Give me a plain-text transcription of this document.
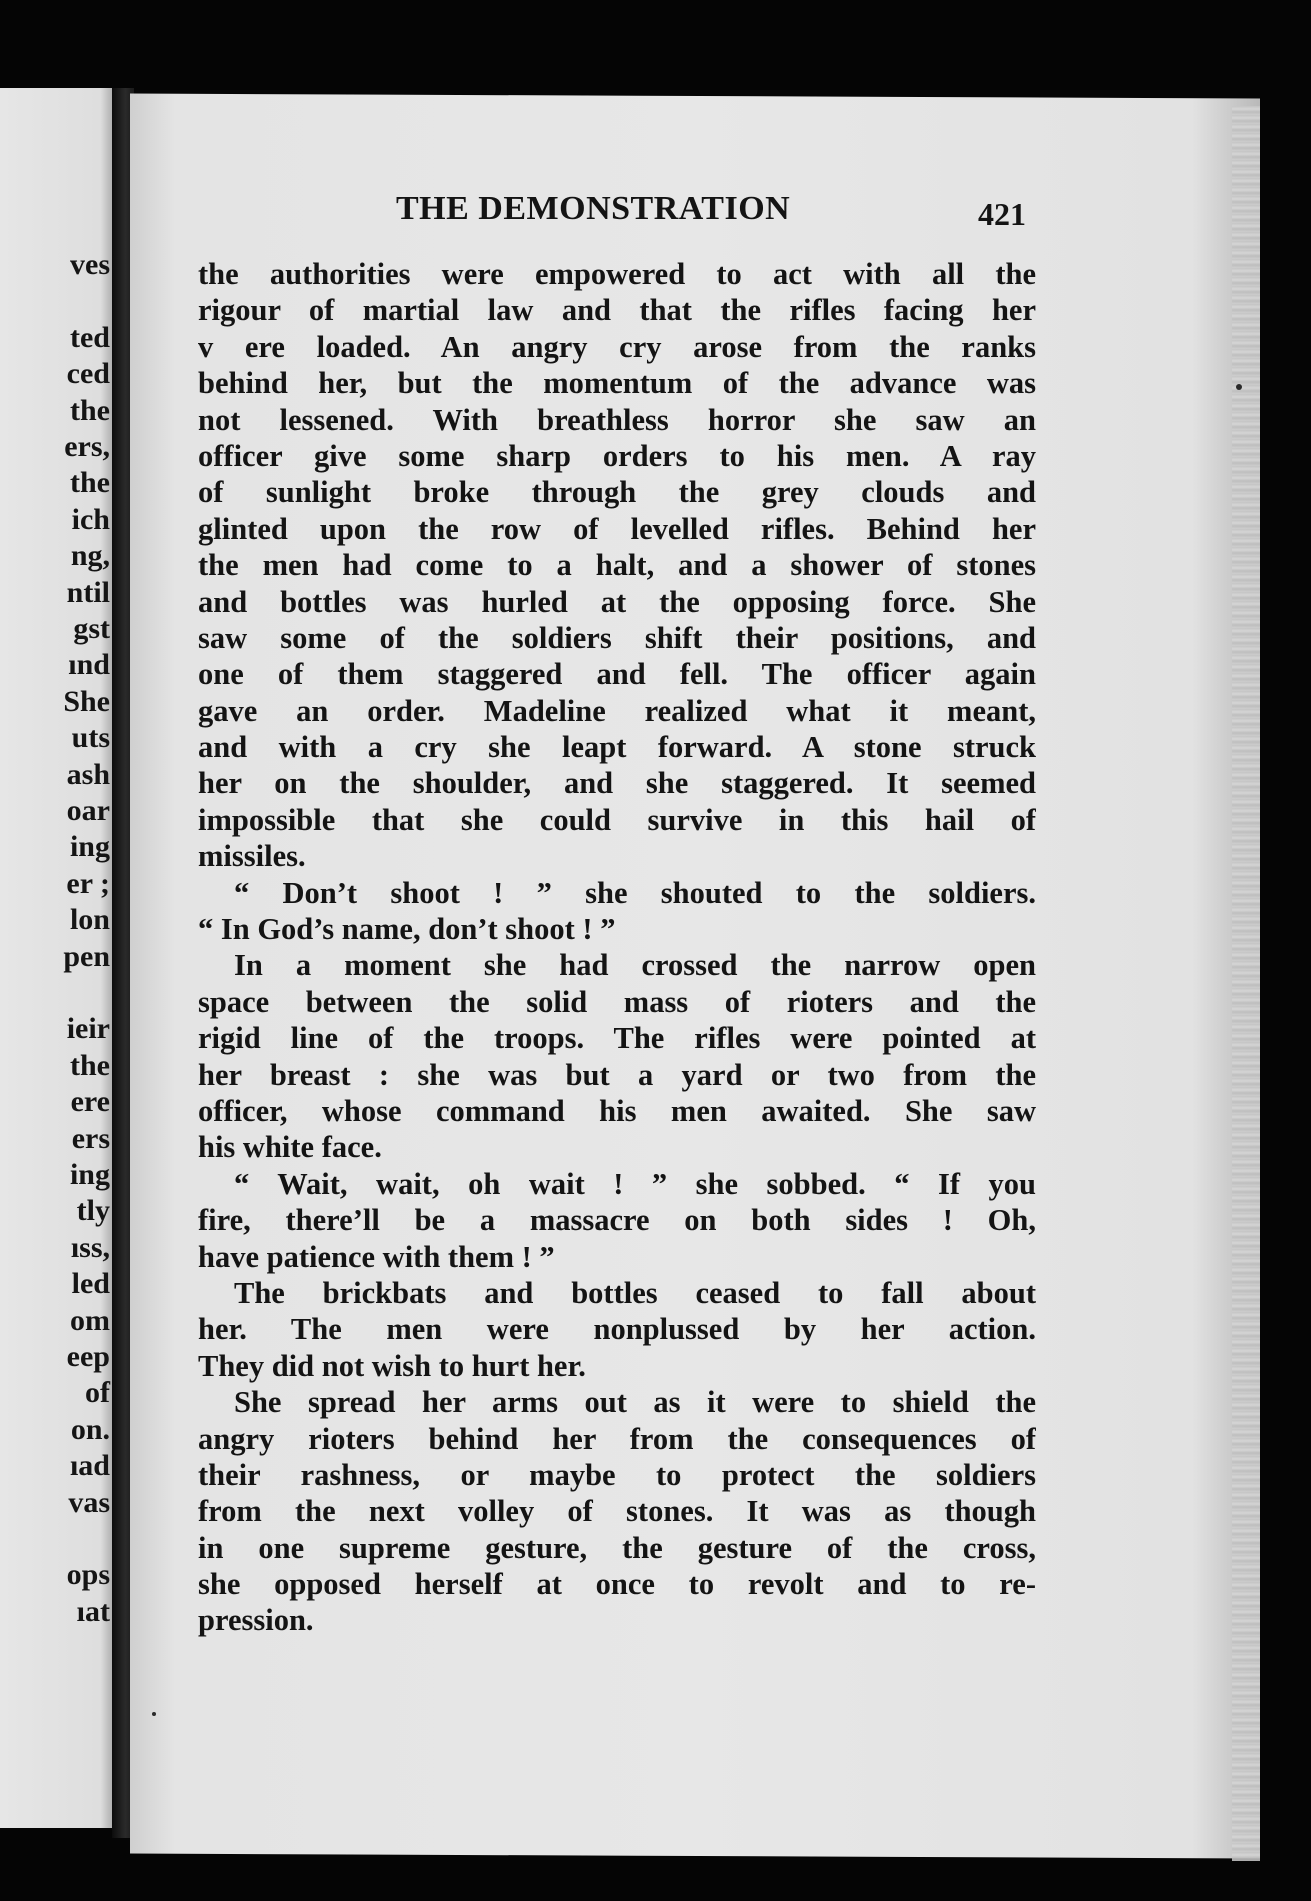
ves
ted
ced
the
ers,
the
ich
ng,
ntil
gst
ınd
She
uts
ash
oar
ing
er ;
lon
pen
ieir
the
ere
ers
ing
tly
ıss,
led
om
eep
of
on.
ıad
vas
ops
ıat
THE DEMONSTRATION	421
the authorities were empowered to act with all the
rigour of martial law and that the rifles facing her
v ere loaded. An angry cry arose from the ranks
behind her, but the momentum of the advance was
not lessened. With breathless horror she saw an
officer give some sharp orders to his men. A ray
of sunlight broke through the grey clouds and
glinted upon the row of levelled rifles. Behind her
the men had come to a halt, and a shower of stones
and bottles was hurled at the opposing force. She
saw some of the soldiers shift their positions, and
one of them staggered and fell. The officer again
gave an order. Madeline realized what it meant,
and with a cry she leapt forward. A stone struck
her on the shoulder, and she staggered. It seemed
impossible that she could survive in this hail of
missiles.
“ Don’t shoot ! ” she shouted to the soldiers.
“ In God’s name, don’t shoot ! ”
In a moment she had crossed the narrow open
space between the solid mass of rioters and the
rigid line of the troops. The rifles were pointed at
her breast : she was but a yard or two from the
officer, whose command his men awaited. She saw
his white face.
“ Wait, wait, oh wait ! ” she sobbed. “ If you
fire, there’ll be a massacre on both sides ! Oh,
have patience with them ! ”
The brickbats and bottles ceased to fall about
her. The men were nonplussed by her action.
They did not wish to hurt her.
She spread her arms out as it were to shield the
angry rioters behind her from the consequences of
their rashness, or maybe to protect the soldiers
from the next volley of stones. It was as though
in one supreme gesture, the gesture of the cross,
she opposed herself at once to revolt and to re-
pression.
